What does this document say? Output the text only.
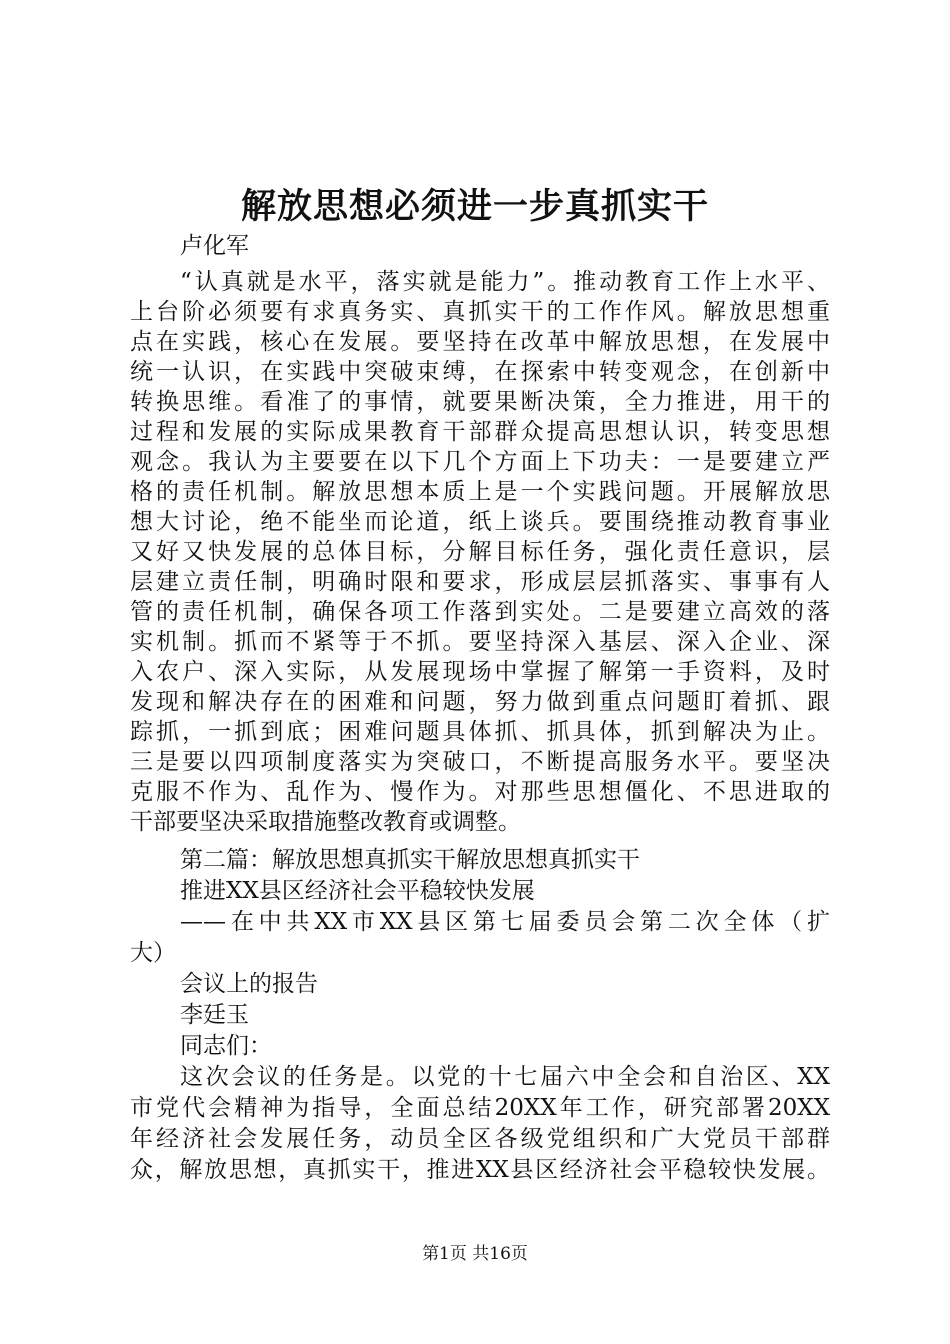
解放思想必须进一步真抓实干
卢化军
“认真就是水平，落实就是能力”。推动教育工作上水平、
上台阶必须要有求真务实、真抓实干的工作作风。解放思想重
点在实践，核心在发展。要坚持在改革中解放思想，在发展中
统一认识，在实践中突破束缚，在探索中转变观念，在创新中
转换思维。看准了的事情，就要果断决策，全力推进，用干的
过程和发展的实际成果教育干部群众提高思想认识，转变思想
观念。我认为主要要在以下几个方面上下功夫：一是要建立严
格的责任机制。解放思想本质上是一个实践问题。开展解放思
想大讨论，绝不能坐而论道，纸上谈兵。要围绕推动教育事业
又好又快发展的总体目标，分解目标任务，强化责任意识，层
层建立责任制，明确时限和要求，形成层层抓落实、事事有人
管的责任机制，确保各项工作落到实处。二是要建立高效的落
实机制。抓而不紧等于不抓。要坚持深入基层、深入企业、深
入农户、深入实际，从发展现场中掌握了解第一手资料，及时
发现和解决存在的困难和问题，努力做到重点问题盯着抓、跟
踪抓，一抓到底；困难问题具体抓、抓具体，抓到解决为止。
三是要以四项制度落实为突破口，不断提高服务水平。要坚决
克服不作为、乱作为、慢作为。对那些思想僵化、不思进取的
干部要坚决采取措施整改教育或调整。
第二篇：解放思想真抓实干解放思想真抓实干
推进XX县区经济社会平稳较快发展
——在中共XX市XX县区第七届委员会第二次全体（扩
大）
会议上的报告
李廷玉
同志们：
这次会议的任务是。以党的十七届六中全会和自治区、XX
市党代会精神为指导，全面总结20XX年工作，研究部署20XX
年经济社会发展任务，动员全区各级党组织和广大党员干部群
众，解放思想，真抓实干，推进XX县区经济社会平稳较快发展。
第1页 共16页
